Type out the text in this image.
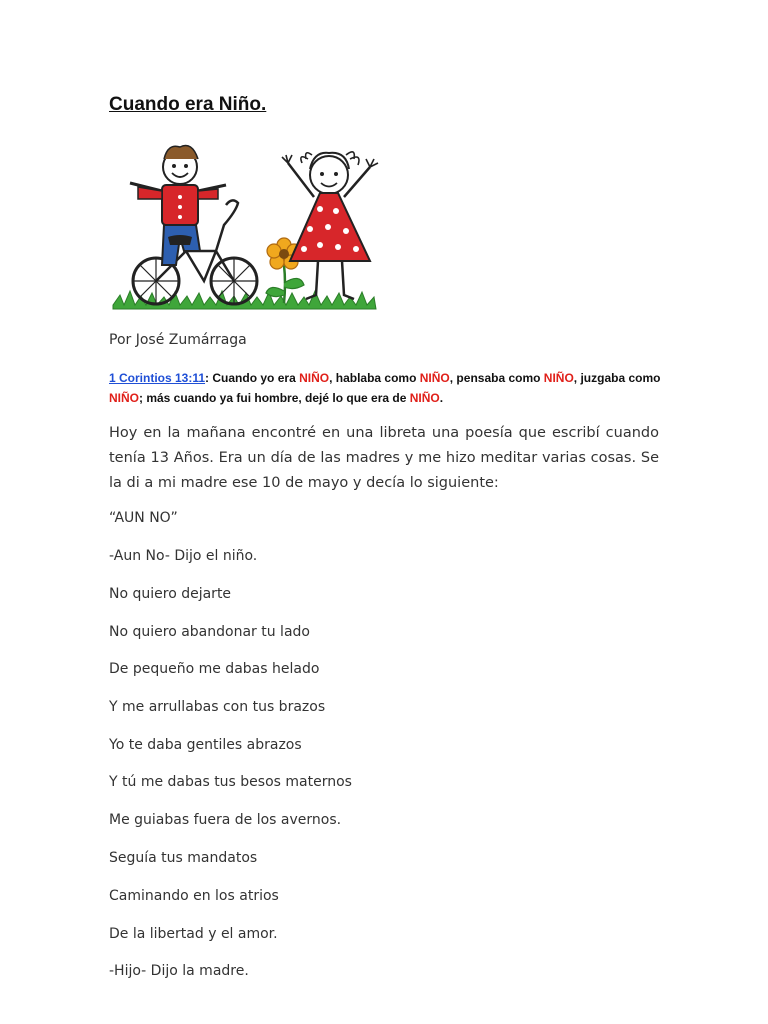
Cuando era Niño.
Por José Zumárraga
1 Corintios 13:11: Cuando yo era NIÑO, hablaba como NIÑO, pensaba como NIÑO, juzgaba como NIÑO; más cuando ya fui hombre, dejé lo que era de NIÑO.

Hoy en la mañana encontré en una libreta una poesía que escribí cuando tenía 13 Años. Era un día de las madres y me hizo meditar varias cosas. Se la di a mi madre ese 10 de mayo y decía lo siguiente:

“AUN NO”
-Aun No- Dijo el niño.
No quiero dejarte
No quiero abandonar tu lado
De pequeño me dabas helado
Y me arrullabas con tus brazos
Yo te daba gentiles abrazos
Y tú me dabas tus besos maternos
Me guiabas fuera de los avernos.
Seguía tus mandatos
Caminando en los atrios
De la libertad y el amor.
-Hijo- Dijo la madre.
